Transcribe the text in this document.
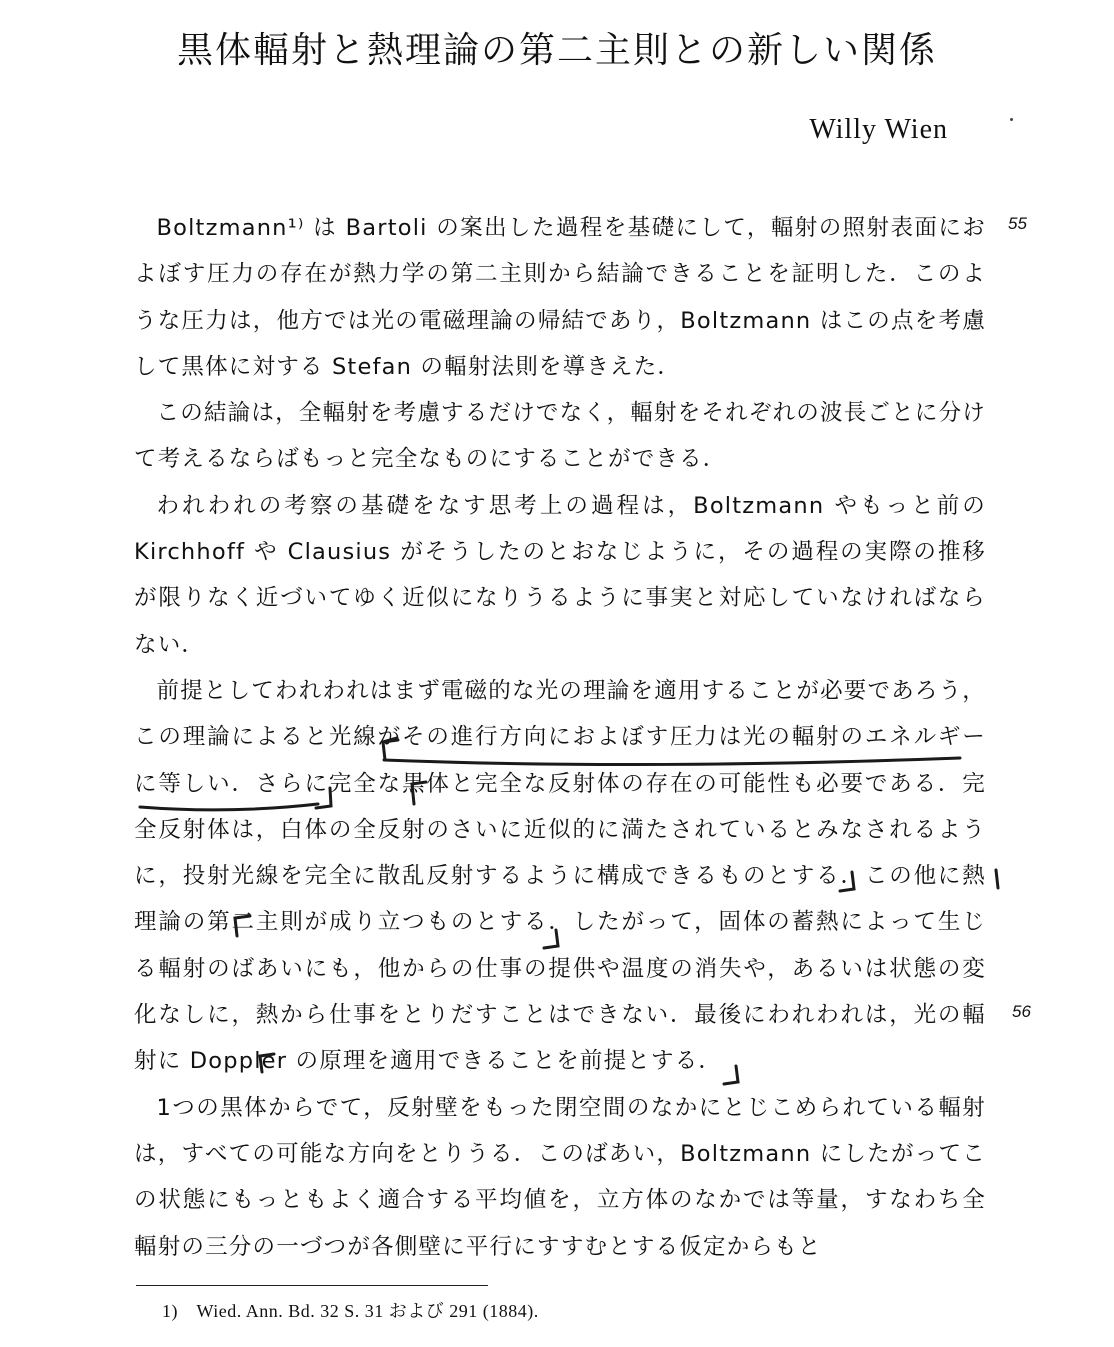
黒体輻射と熱理論の第二主則との新しい関係
Willy Wien
55
56

Boltzmann¹⁾ は Bartoli の案出した過程を基礎にして，輻射の照射表面におよぼす圧力の存在が熱力学の第二主則から結論できることを証明した．このような圧力は，他方では光の電磁理論の帰結であり，Boltzmann はこの点を考慮して黒体に対する Stefan の輻射法則を導きえた．

この結論は，全輻射を考慮するだけでなく，輻射をそれぞれの波長ごとに分けて考えるならばもっと完全なものにすることができる．

われわれの考察の基礎をなす思考上の過程は，Boltzmann やもっと前の Kirchhoff や Clausius がそうしたのとおなじように，その過程の実際の推移が限りなく近づいてゆく近似になりうるように事実と対応していなければならない．

前提としてわれわれはまず電磁的な光の理論を適用することが必要であろう，この理論によると光線がその進行方向におよぼす圧力は光の輻射のエネルギーに等しい．さらに完全な黒体と完全な反射体の存在の可能性も必要である．完全反射体は，白体の全反射のさいに近似的に満たされているとみなされるように，投射光線を完全に散乱反射するように構成できるものとする．この他に熱理論の第二主則が成り立つものとする．したがって，固体の蓄熱によって生じる輻射のばあいにも，他からの仕事の提供や温度の消失や，あるいは状態の変化なしに，熱から仕事をとりだすことはできない．最後にわれわれは，光の輻射に Doppler の原理を適用できることを前提とする．

1つの黒体からでて，反射壁をもった閉空間のなかにとじこめられている輻射は，すべての可能な方向をとりうる．このばあい，Boltzmann にしたがってこの状態にもっともよく適合する平均値を，立方体のなかでは等量，すなわち全輻射の三分の一づつが各側壁に平行にすすむとする仮定からもと

1)　Wied. Ann. Bd. 32 S. 31 および 291 (1884).
